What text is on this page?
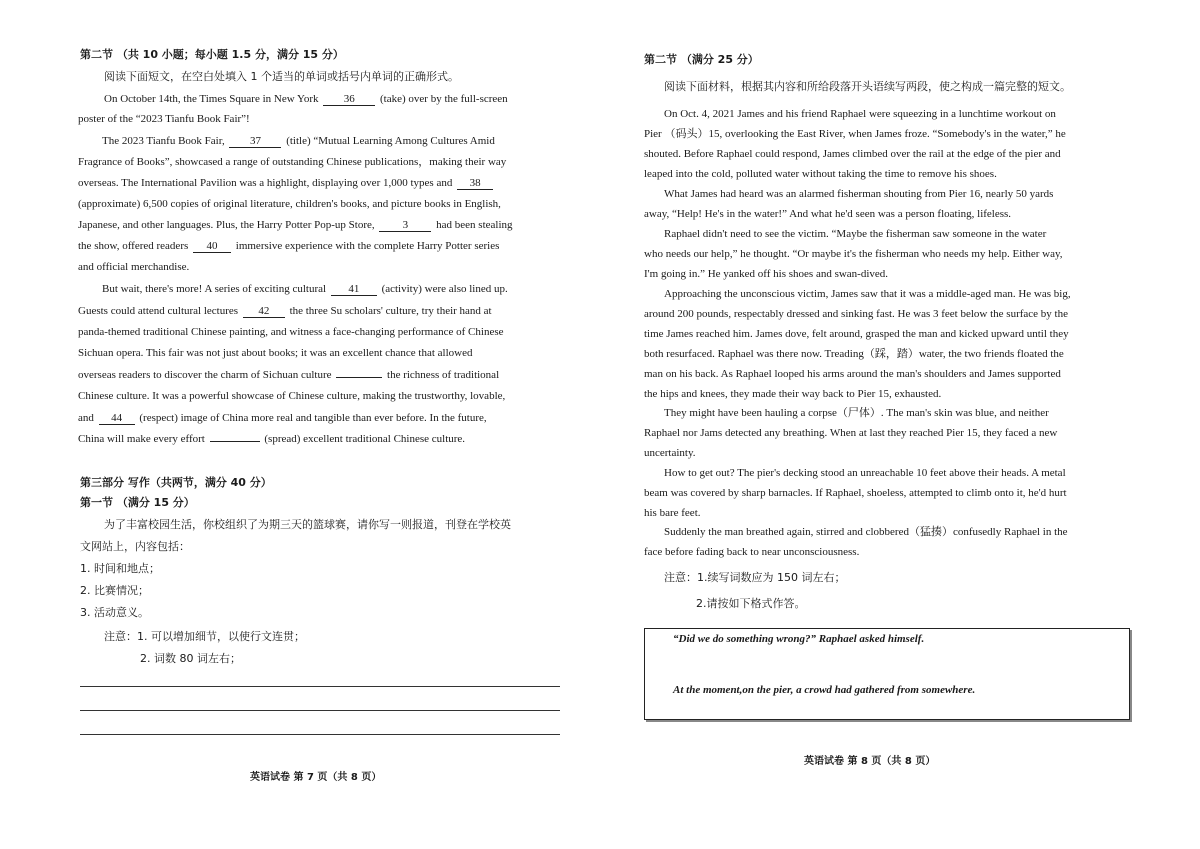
第二节 （共 10 小题；每小题 1.5 分，满分 15 分）
阅读下面短文，在空白处填入 1 个适当的单词或括号内单词的正确形式。
On October 14th, the Times Square in New York 36 (take) over by the full-screen
poster of the “2023 Tianfu Book Fair”!
The 2023 Tianfu Book Fair, 37 (title) “Mutual Learning Among Cultures Amid
Fragrance of Books”, showcased a range of outstanding Chinese publications，making their way
overseas. The International Pavilion was a highlight, displaying over 1,000 types and 38
(approximate) 6,500 copies of original literature, children's books, and picture books in English,
Japanese, and other languages. Plus, the Harry Potter Pop-up Store,	3	had been stealing
the show, offered readers 40 immersive experience with the complete Harry Potter series
and official merchandise.
But wait, there's more! A series of exciting cultural 41 (activity) were also lined up.
Guests could attend cultural lectures 42 the three Su scholars' culture, try their hand at
panda-themed traditional Chinese painting, and witness a face-changing performance of Chinese
Sichuan opera. This fair was not just about books; it was an excellent chance that allowed
overseas readers to discover the charm of Sichuan culture	the richness of traditional
Chinese culture. It was a powerful showcase of Chinese culture, making the trustworthy, lovable,
and 44 (respect) image of China more real and tangible than ever before. In the future,
China will make every effort	(spread) excellent traditional Chinese culture.
第三部分 写作（共两节，满分 40 分）
第一节 （满分 15 分）
为了丰富校园生活，你校组织了为期三天的篮球赛，请你写一则报道，刊登在学校英
文网站上，内容包括：
1. 时间和地点；
2. 比赛情况；
3. 活动意义。
注意：1. 可以增加细节，以使行文连贯；
2. 词数 80 词左右；
英语试卷 第 7 页（共 8 页）
第二节 （满分 25 分）
阅读下面材料，根据其内容和所给段落开头语续写两段，使之构成一篇完整的短文。
On Oct. 4, 2021 James and his friend Raphael were squeezing in a lunchtime workout on
Pier （码头）15, overlooking the East River, when James froze. “Somebody's in the water,” he
shouted. Before Raphael could respond, James climbed over the rail at the edge of the pier and
leaped into the cold, polluted water without taking the time to remove his shoes.
What James had heard was an alarmed fisherman shouting from Pier 16, nearly 50 yards
away, “Help! He's in the water!” And what he'd seen was a person floating, lifeless.
Raphael didn't need to see the victim. “Maybe the fisherman saw someone in the water
who needs our help,” he thought. “Or maybe it's the fisherman who needs my help. Either way,
I'm going in.” He yanked off his shoes and swan-dived.
Approaching the unconscious victim, James saw that it was a middle-aged man. He was big,
around 200 pounds, respectably dressed and sinking fast. He was 3 feet below the surface by the
time James reached him. James dove, felt around, grasped the man and kicked upward until they
both resurfaced. Raphael was there now. Treading（踩，踏）water, the two friends floated the
man on his back. As Raphael looped his arms around the man's shoulders and James supported
the hips and knees, they made their way back to Pier 15, exhausted.
They might have been hauling a corpse（尸体）. The man's skin was blue, and neither
Raphael nor Jams detected any breathing. When at last they reached Pier 15, they faced a new
uncertainty.
How to get out? The pier's decking stood an unreachable 10 feet above their heads. A metal
beam was covered by sharp barnacles. If Raphael, shoeless, attempted to climb onto it, he'd hurt
his bare feet.
Suddenly the man breathed again, stirred and clobbered（猛揍）confusedly Raphael in the
face before fading back to near unconsciousness.
注意：1.续写词数应为 150 词左右；
2.请按如下格式作答。
“Did we do something wrong?” Raphael asked himself.
At the moment,on the pier, a crowd had gathered from somewhere.
英语试卷 第 8 页（共 8 页）
